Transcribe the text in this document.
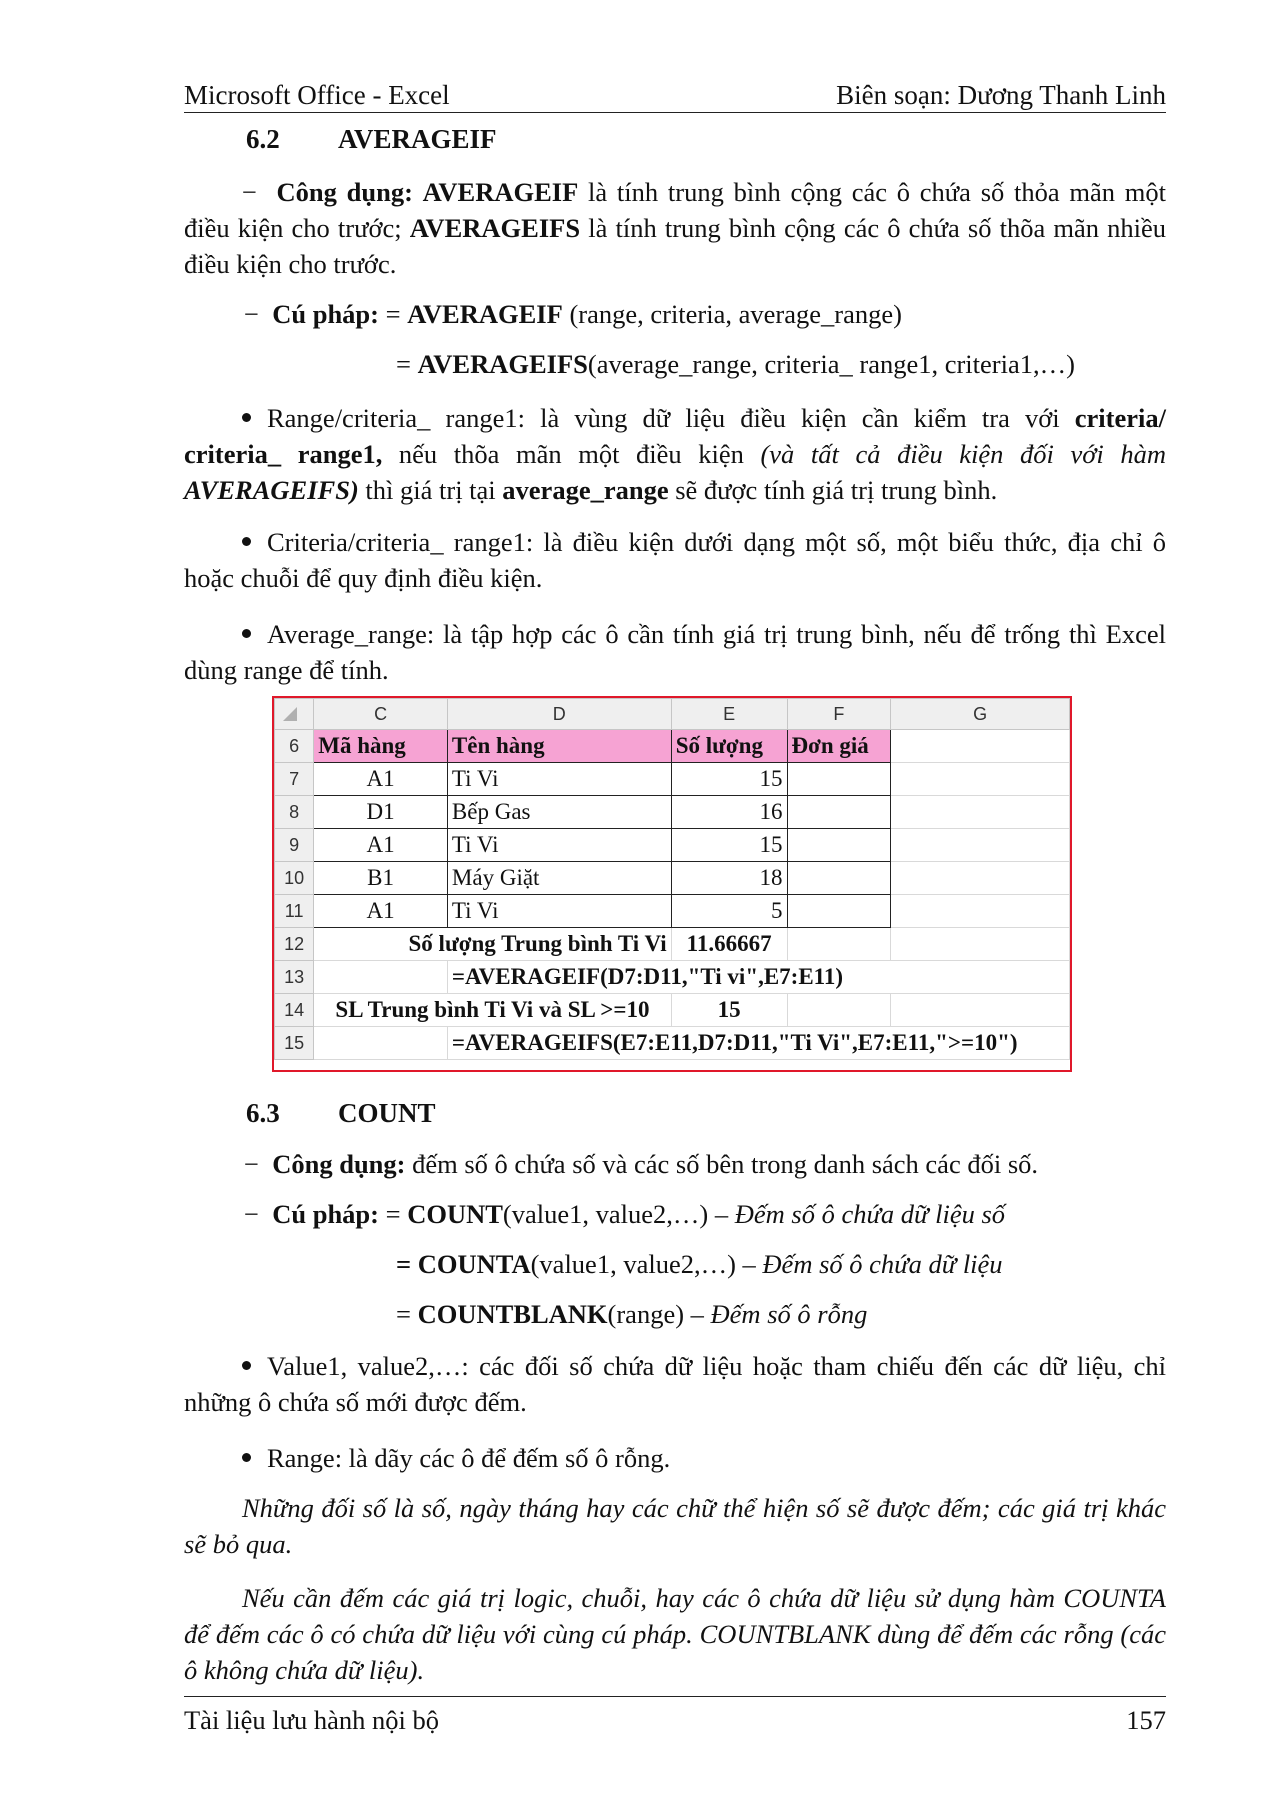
Microsoft Office - Excel	Biên soạn: Dương Thanh Linh
6.2 AVERAGEIF
−  Công dụng: AVERAGEIF là tính trung bình cộng các ô chứa số thỏa mãn một điều kiện cho trước; AVERAGEIFS là tính trung bình cộng các ô chứa số thõa mãn nhiều điều kiện cho trước.
−  Cú pháp: = AVERAGEIF (range, criteria, average_range)
= AVERAGEIFS(average_range, criteria_ range1, criteria1,…)
Range/criteria_ range1: là vùng dữ liệu điều kiện cần kiểm tra với criteria/ criteria_ range1, nếu thõa mãn một điều kiện (và tất cả điều kiện đối với hàm AVERAGEIFS) thì giá trị tại average_range sẽ được tính giá trị trung bình.
Criteria/criteria_ range1: là điều kiện dưới dạng một số, một biểu thức, địa chỉ ô hoặc chuỗi để quy định điều kiện.
Average_range: là tập hợp các ô cần tính giá trị trung bình, nếu để trống thì Excel dùng range để tính.
	C	D	E	F	G
6	Mã hàng	Tên hàng	Số lượng	Đơn giá	
7	A1	Ti Vi	15		
8	D1	Bếp Gas	16		
9	A1	Ti Vi	15		
10	B1	Máy Giặt	18		
11	A1	Ti Vi	5		
12	Số lượng Trung bình Ti Vi		11.66667		
13		=AVERAGEIF(D7:D11,"Ti vi",E7:E11)			
14	SL Trung bình Ti Vi và SL >=10		15		
15		=AVERAGEIFS(E7:E11,D7:D11,"Ti Vi",E7:E11,">=10")			
6.3 COUNT
−  Công dụng: đếm số ô chứa số và các số bên trong danh sách các đối số.
−  Cú pháp: = COUNT(value1, value2,…) – Đếm số ô chứa dữ liệu số
= COUNTA(value1, value2,…) – Đếm số ô chứa dữ liệu
= COUNTBLANK(range) – Đếm số ô rỗng
Value1, value2,…: các đối số chứa dữ liệu hoặc tham chiếu đến các dữ liệu, chỉ những ô chứa số mới được đếm.
Range: là dãy các ô để đếm số ô rỗng.
Những đối số là số, ngày tháng hay các chữ thể hiện số sẽ được đếm; các giá trị khác sẽ bỏ qua.
Nếu cần đếm các giá trị logic, chuỗi, hay các ô chứa dữ liệu sử dụng hàm COUNTA để đếm các ô có chứa dữ liệu với cùng cú pháp. COUNTBLANK dùng để đếm các rỗng (các ô không chứa dữ liệu).
Tài liệu lưu hành nội bộ	157
